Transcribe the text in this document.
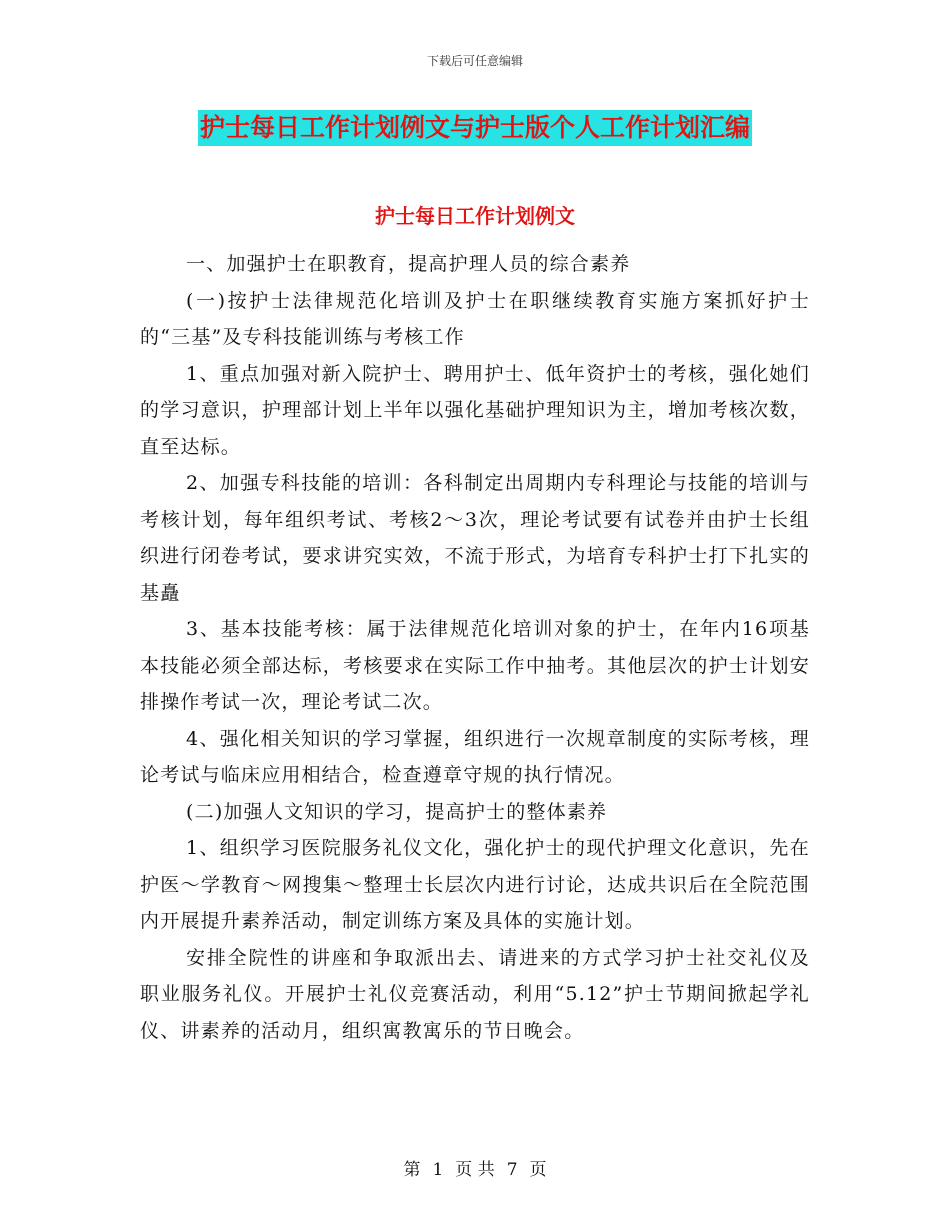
下载后可任意编辑
护士每日工作计划例文与护士版个人工作计划汇编
护士每日工作计划例文

一、加强护士在职教育，提高护理人员的综合素养

(一)按护士法律规范化培训及护士在职继续教育实施方案抓好护士的“三基”及专科技能训练与考核工作

1、重点加强对新入院护士、聘用护士、低年资护士的考核，强化她们的学习意识，护理部计划上半年以强化基础护理知识为主，增加考核次数，直至达标。

2、加强专科技能的培训：各科制定出周期内专科理论与技能的培训与考核计划，每年组织考试、考核2～3次，理论考试要有试卷并由护士长组织进行闭卷考试，要求讲究实效，不流于形式，为培育专科护士打下扎实的基矗

3、基本技能考核：属于法律规范化培训对象的护士，在年内16项基本技能必须全部达标，考核要求在实际工作中抽考。其他层次的护士计划安排操作考试一次，理论考试二次。

4、强化相关知识的学习掌握，组织进行一次规章制度的实际考核，理论考试与临床应用相结合，检查遵章守规的执行情况。

(二)加强人文知识的学习，提高护士的整体素养

1、组织学习医院服务礼仪文化，强化护士的现代护理文化意识，先在护医～学教育～网搜集～整理士长层次内进行讨论，达成共识后在全院范围内开展提升素养活动，制定训练方案及具体的实施计划。

安排全院性的讲座和争取派出去、请进来的方式学习护士社交礼仪及职业服务礼仪。开展护士礼仪竞赛活动，利用“5.12”护士节期间掀起学礼仪、讲素养的活动月，组织寓教寓乐的节日晚会。

第 1 页 共 7 页
